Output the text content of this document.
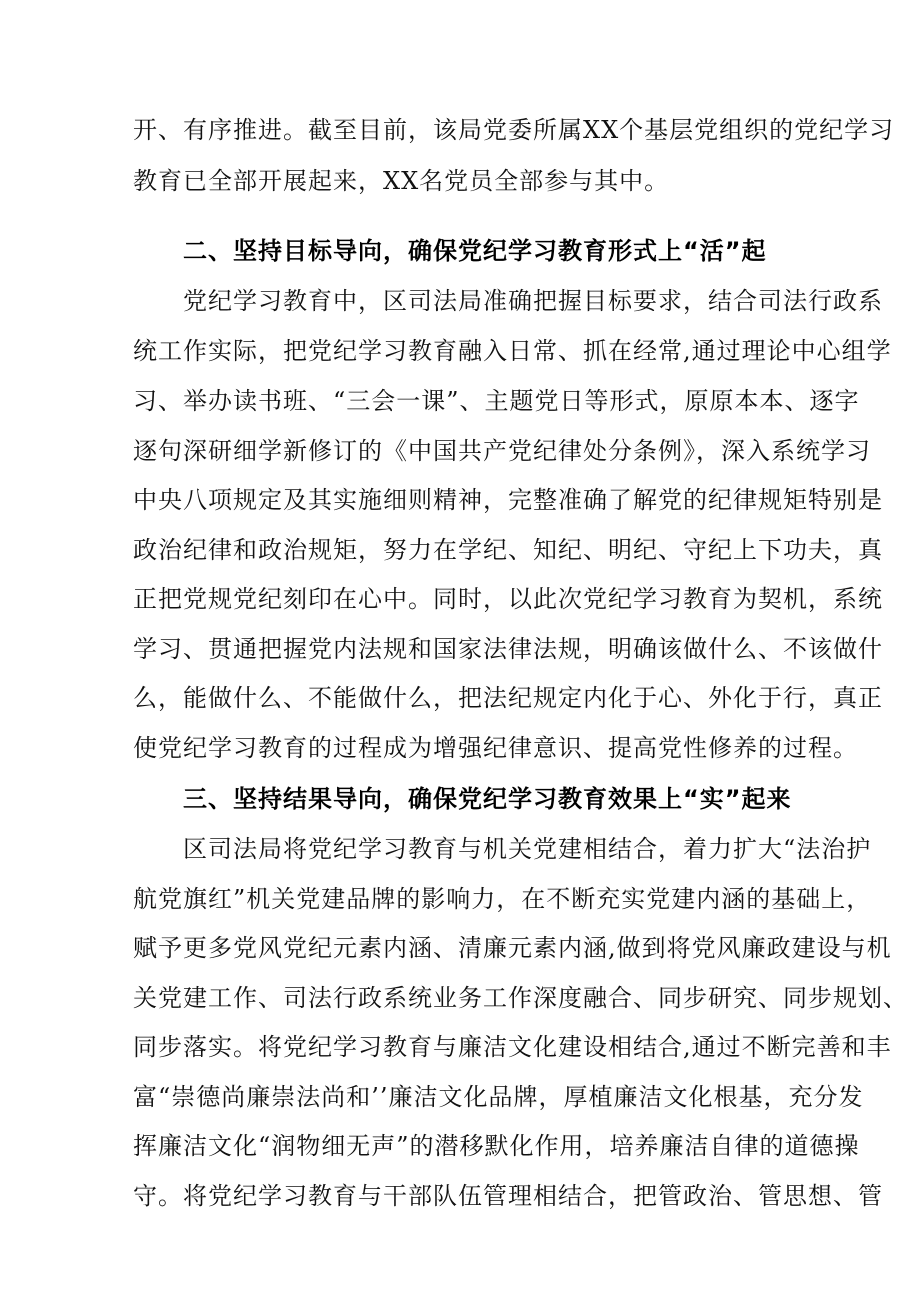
开、有序推进。截至目前，该局党委所属XX个基层党组织的党纪学习
教育已全部开展起来，XX名党员全部参与其中。
二、坚持目标导向，确保党纪学习教育形式上“活”起
党纪学习教育中，区司法局准确把握目标要求，结合司法行政系
统工作实际，把党纪学习教育融入日常、抓在经常,通过理论中心组学
习、举办读书班、“三会一课”、主题党日等形式，原原本本、逐字
逐句深研细学新修订的《中国共产党纪律处分条例》，深入系统学习
中央八项规定及其实施细则精神，完整准确了解党的纪律规矩特别是
政治纪律和政治规矩，努力在学纪、知纪、明纪、守纪上下功夫，真
正把党规党纪刻印在心中。同时，以此次党纪学习教育为契机，系统
学习、贯通把握党内法规和国家法律法规，明确该做什么、不该做什
么，能做什么、不能做什么，把法纪规定内化于心、外化于行，真正
使党纪学习教育的过程成为增强纪律意识、提高党性修养的过程。
三、坚持结果导向，确保党纪学习教育效果上“实”起来
区司法局将党纪学习教育与机关党建相结合，着力扩大“法治护
航党旗红”机关党建品牌的影响力，在不断充实党建内涵的基础上，
赋予更多党风党纪元素内涵、清廉元素内涵,做到将党风廉政建设与机
关党建工作、司法行政系统业务工作深度融合、同步研究、同步规划、
同步落实。将党纪学习教育与廉洁文化建设相结合,通过不断完善和丰
富“崇德尚廉崇法尚和’’廉洁文化品牌，厚植廉洁文化根基，充分发
挥廉洁文化“润物细无声”的潜移默化作用，培养廉洁自律的道德操
守。将党纪学习教育与干部队伍管理相结合，把管政治、管思想、管
